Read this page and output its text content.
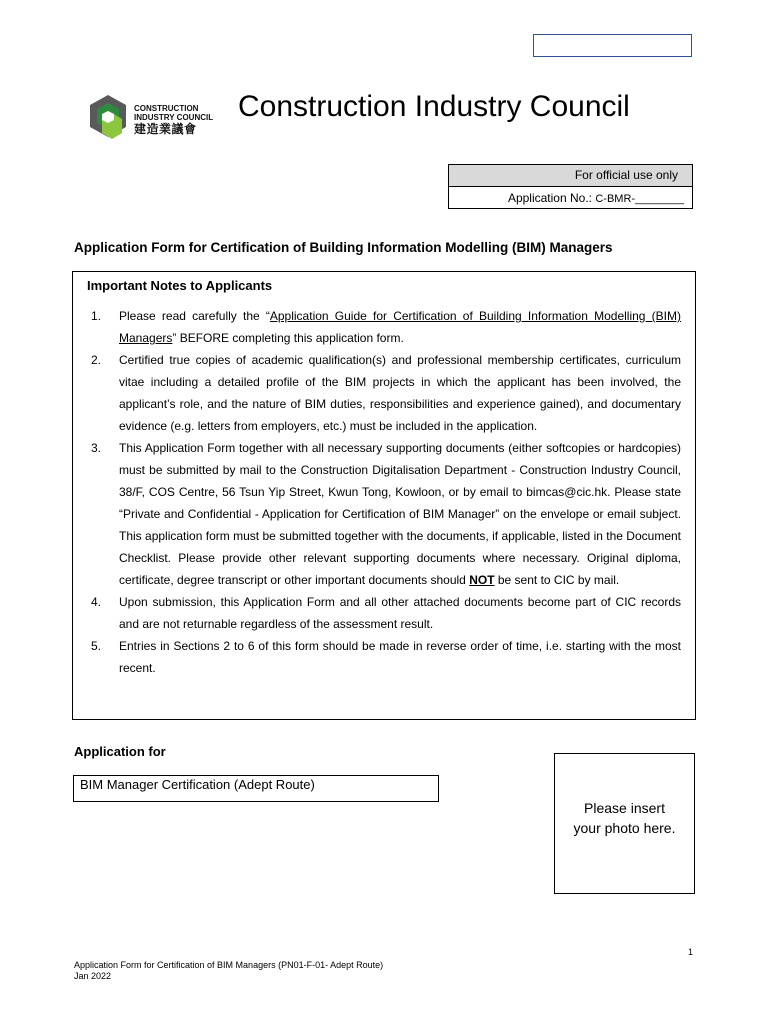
CONSTRUCTION
INDUSTRY COUNCIL
建造業議會
Construction Industry Council
For official use only
Application No.: C-BMR-________
Application Form for Certification of Building Information Modelling (BIM) Managers
Important Notes to Applicants
1. Please read carefully the “Application Guide for Certification of Building Information Modelling (BIM) Managers” BEFORE completing this application form.
2. Certified true copies of academic qualification(s) and professional membership certificates, curriculum vitae including a detailed profile of the BIM projects in which the applicant has been involved, the applicant’s role, and the nature of BIM duties, responsibilities and experience gained), and documentary evidence (e.g. letters from employers, etc.) must be included in the application.
3. This Application Form together with all necessary supporting documents (either softcopies or hardcopies) must be submitted by mail to the Construction Digitalisation Department - Construction Industry Council, 38/F, COS Centre, 56 Tsun Yip Street, Kwun Tong, Kowloon, or by email to bimcas@cic.hk. Please state “Private and Confidential - Application for Certification of BIM Manager” on the envelope or email subject. This application form must be submitted together with the documents, if applicable, listed in the Document Checklist. Please provide other relevant supporting documents where necessary. Original diploma, certificate, degree transcript or other important documents should NOT be sent to CIC by mail.
4. Upon submission, this Application Form and all other attached documents become part of CIC records and are not returnable regardless of the assessment result.
5. Entries in Sections 2 to 6 of this form should be made in reverse order of time, i.e. starting with the most recent.
Application for
BIM Manager Certification (Adept Route)
Please insert
your photo here.
1
Application Form for Certification of BIM Managers (PN01-F-01- Adept Route)
Jan 2022
